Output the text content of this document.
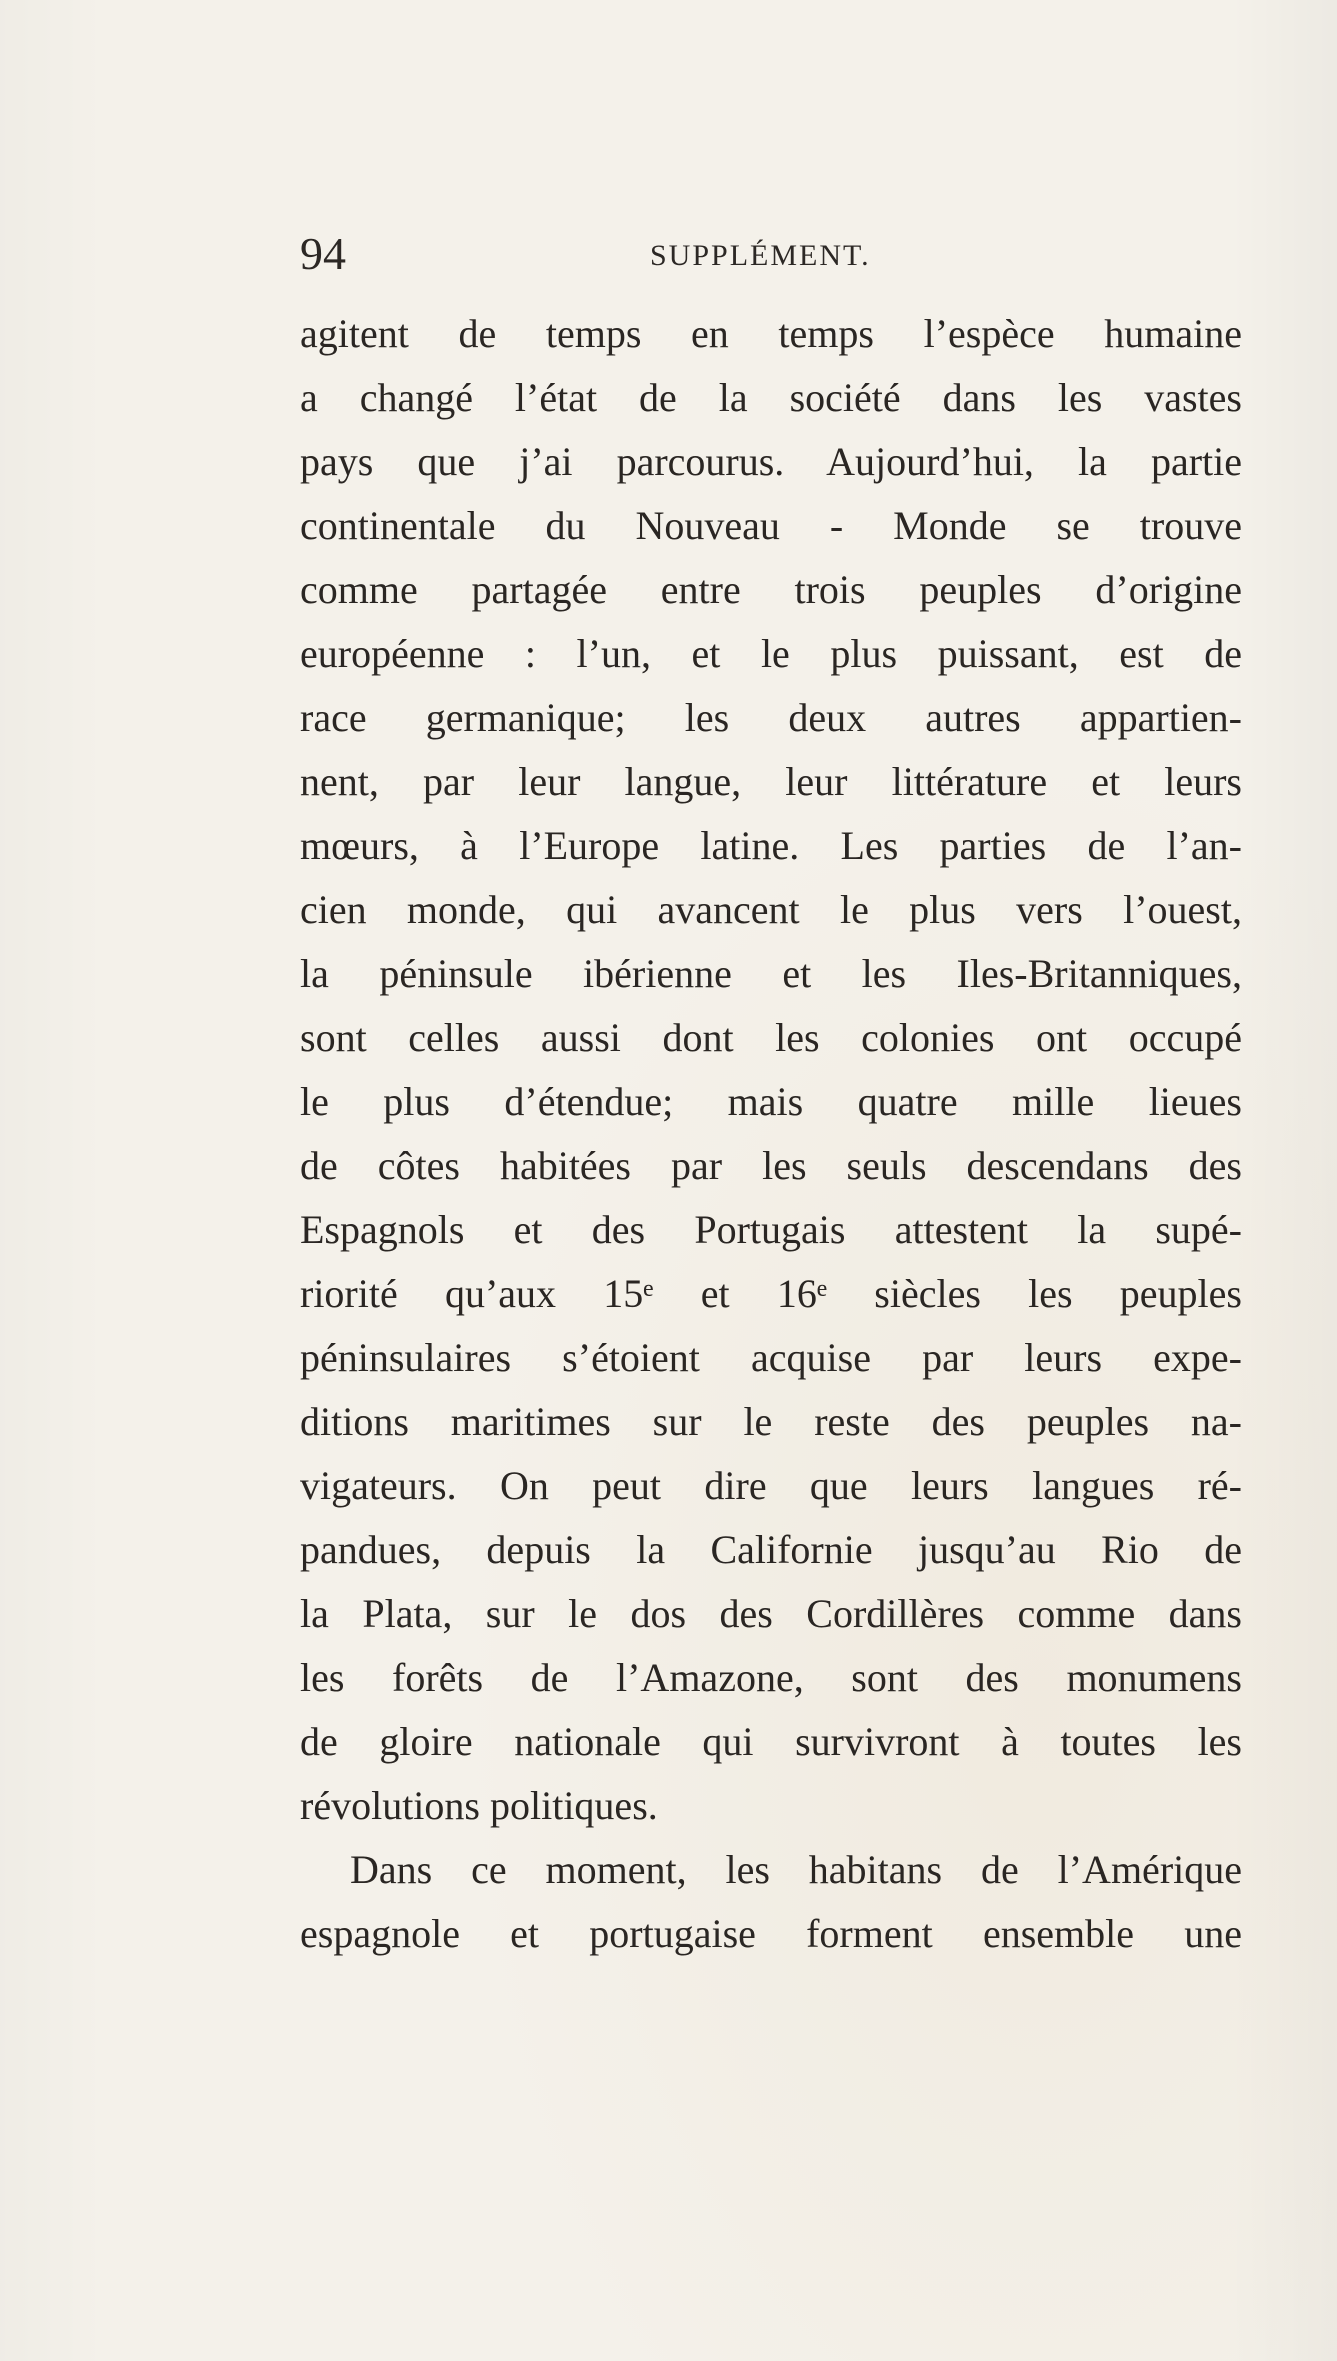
94	SUPPLÉMENT.
agitent de temps en temps l’espèce humaine
a changé l’état de la société dans les vastes
pays que j’ai parcourus. Aujourd’hui, la partie
continentale du Nouveau - Monde se trouve
comme partagée entre trois peuples d’origine
européenne : l’un, et le plus puissant, est de
race germanique; les deux autres appartien-
nent, par leur langue, leur littérature et leurs
mœurs, à l’Europe latine. Les parties de l’an-
cien monde, qui avancent le plus vers l’ouest,
la péninsule ibérienne et les Iles-Britanniques,
sont celles aussi dont les colonies ont occupé
le plus d’étendue; mais quatre mille lieues
de côtes habitées par les seuls descendans des
Espagnols et des Portugais attestent la supé-
riorité qu’aux 15ᵉ et 16ᵉ siècles les peuples
péninsulaires s’étoient acquise par leurs expe-
ditions maritimes sur le reste des peuples na-
vigateurs. On peut dire que leurs langues ré-
pandues, depuis la Californie jusqu’au Rio de
la Plata, sur le dos des Cordillères comme dans
les forêts de l’Amazone, sont des monumens
de gloire nationale qui survivront à toutes les
révolutions politiques.
Dans ce moment, les habitans de l’Amérique
espagnole et portugaise forment ensemble une
